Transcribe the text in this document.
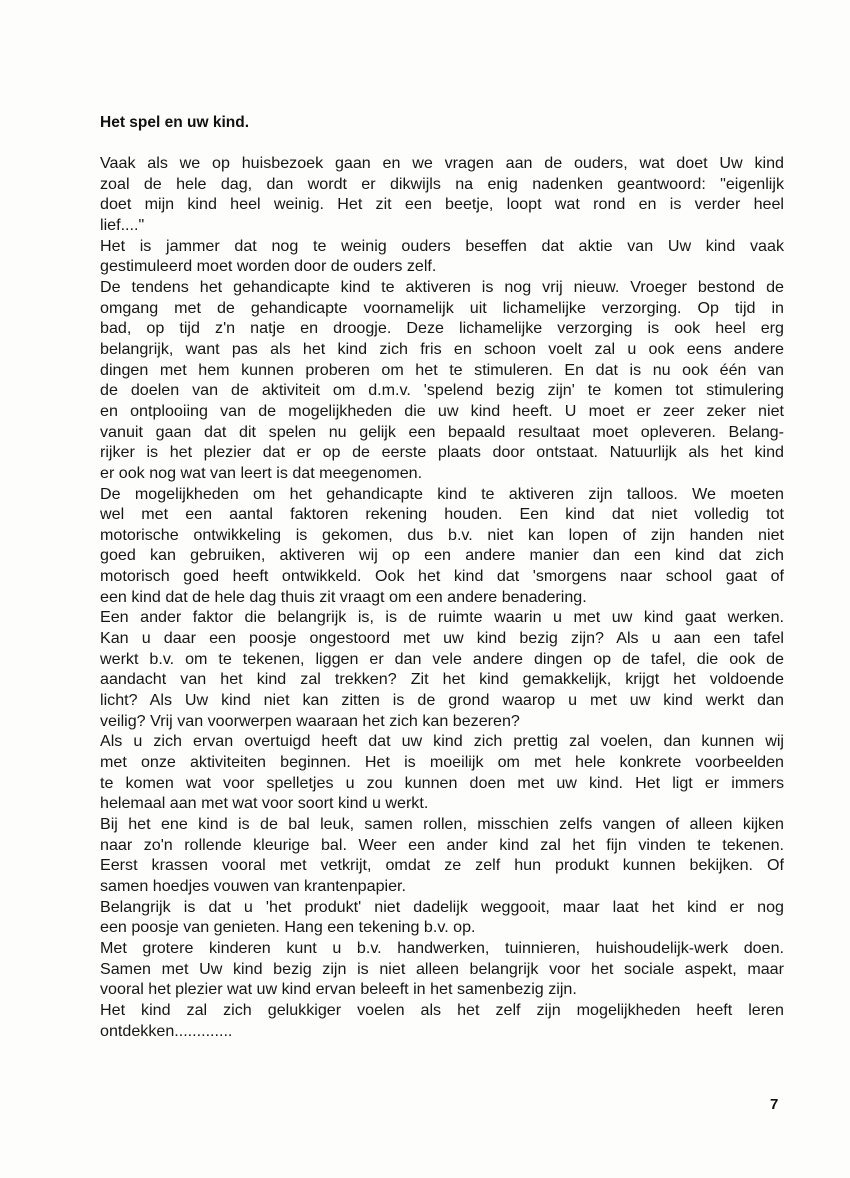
Het spel en uw kind.
Vaak als we op huisbezoek gaan en we vragen aan de ouders, wat doet Uw kind
zoal de hele dag, dan wordt er dikwijls na enig nadenken geantwoord: "eigenlijk
doet mijn kind heel weinig. Het zit een beetje, loopt wat rond en is verder heel
lief...."
Het is jammer dat nog te weinig ouders beseffen dat aktie van Uw kind vaak
gestimuleerd moet worden door de ouders zelf.
De tendens het gehandicapte kind te aktiveren is nog vrij nieuw. Vroeger bestond de
omgang met de gehandicapte voornamelijk uit lichamelijke verzorging. Op tijd in
bad, op tijd z'n natje en droogje. Deze lichamelijke verzorging is ook heel erg
belangrijk, want pas als het kind zich fris en schoon voelt zal u ook eens andere
dingen met hem kunnen proberen om het te stimuleren. En dat is nu ook één van
de doelen van de aktiviteit om d.m.v. 'spelend bezig zijn' te komen tot stimulering
en ontplooiing van de mogelijkheden die uw kind heeft. U moet er zeer zeker niet
vanuit gaan dat dit spelen nu gelijk een bepaald resultaat moet opleveren. Belang-
rijker is het plezier dat er op de eerste plaats door ontstaat. Natuurlijk als het kind
er ook nog wat van leert is dat meegenomen.
De mogelijkheden om het gehandicapte kind te aktiveren zijn talloos. We moeten
wel met een aantal faktoren rekening houden. Een kind dat niet volledig tot
motorische ontwikkeling is gekomen, dus b.v. niet kan lopen of zijn handen niet
goed kan gebruiken, aktiveren wij op een andere manier dan een kind dat zich
motorisch goed heeft ontwikkeld. Ook het kind dat 'smorgens naar school gaat of
een kind dat de hele dag thuis zit vraagt om een andere benadering.
Een ander faktor die belangrijk is, is de ruimte waarin u met uw kind gaat werken.
Kan u daar een poosje ongestoord met uw kind bezig zijn? Als u aan een tafel
werkt b.v. om te tekenen, liggen er dan vele andere dingen op de tafel, die ook de
aandacht van het kind zal trekken? Zit het kind gemakkelijk, krijgt het voldoende
licht? Als Uw kind niet kan zitten is de grond waarop u met uw kind werkt dan
veilig? Vrij van voorwerpen waaraan het zich kan bezeren?
Als u zich ervan overtuigd heeft dat uw kind zich prettig zal voelen, dan kunnen wij
met onze aktiviteiten beginnen. Het is moeilijk om met hele konkrete voorbeelden
te komen wat voor spelletjes u zou kunnen doen met uw kind. Het ligt er immers
helemaal aan met wat voor soort kind u werkt.
Bij het ene kind is de bal leuk, samen rollen, misschien zelfs vangen of alleen kijken
naar zo'n rollende kleurige bal. Weer een ander kind zal het fijn vinden te tekenen.
Eerst krassen vooral met vetkrijt, omdat ze zelf hun produkt kunnen bekijken. Of
samen hoedjes vouwen van krantenpapier.
Belangrijk is dat u 'het produkt' niet dadelijk weggooit, maar laat het kind er nog
een poosje van genieten. Hang een tekening b.v. op.
Met grotere kinderen kunt u b.v. handwerken, tuinnieren, huishoudelijk-werk doen.
Samen met Uw kind bezig zijn is niet alleen belangrijk voor het sociale aspekt, maar
vooral het plezier wat uw kind ervan beleeft in het samenbezig zijn.
Het kind zal zich gelukkiger voelen als het zelf zijn mogelijkheden heeft leren
ontdekken.............
7
